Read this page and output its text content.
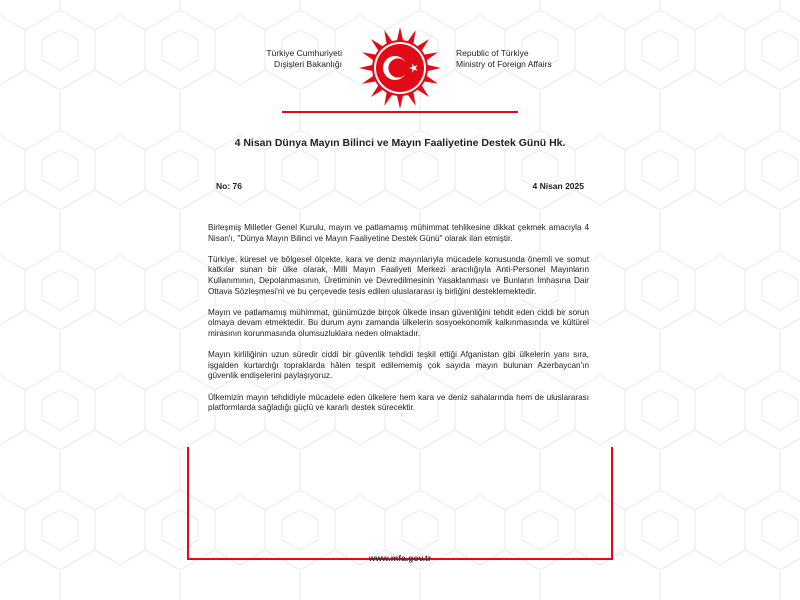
Türkiye Cumhuriyeti
Dışişleri Bakanlığı
Republic of Türkiye
Ministry of Foreign Affairs
4 Nisan Dünya Mayın Bilinci ve Mayın Faaliyetine Destek Günü Hk.
No: 76	4 Nisan 2025

Birleşmiş Milletler Genel Kurulu, mayın ve patlamamış mühimmat tehlikesine dikkat çekmek amacıyla 4 Nisan'ı, "Dünya Mayın Bilinci ve Mayın Faaliyetine Destek Günü" olarak ilan etmiştir.

Türkiye, küresel ve bölgesel ölçekte, kara ve deniz mayınlarıyla mücadele konusunda önemli ve somut katkılar sunan bir ülke olarak, Milli Mayın Faaliyeti Merkezi aracılığıyla Anti-Personel Mayınların Kullanımının, Depolanmasının, Üretiminin ve Devredilmesinin Yasaklanması ve Bunların İmhasına Dair Ottava Sözleşmesi'ni ve bu çerçevede tesis edilen uluslararası iş birliğini desteklemektedir.

Mayın ve patlamamış mühimmat, günümüzde birçok ülkede insan güvenliğini tehdit eden ciddi bir sorun olmaya devam etmektedir. Bu durum aynı zamanda ülkelerin sosyoekonomik kalkınmasında ve kültürel mirasının korunmasında olumsuzluklara neden olmaktadır.

Mayın kirliliğinin uzun süredir ciddi bir güvenlik tehdidi teşkil ettiği Afganistan gibi ülkelerin yanı sıra, işgalden kurtardığı topraklarda hâlen tespit edilememiş çok sayıda mayın bulunan Azerbaycan'ın güvenlik endişelerini paylaşıyoruz.

Ülkemizin mayın tehdidiyle mücadele eden ülkelere hem kara ve deniz sahalarında hem de uluslararası platformlarda sağladığı güçlü ve kararlı destek sürecektir.

www.mfa.gov.tr
